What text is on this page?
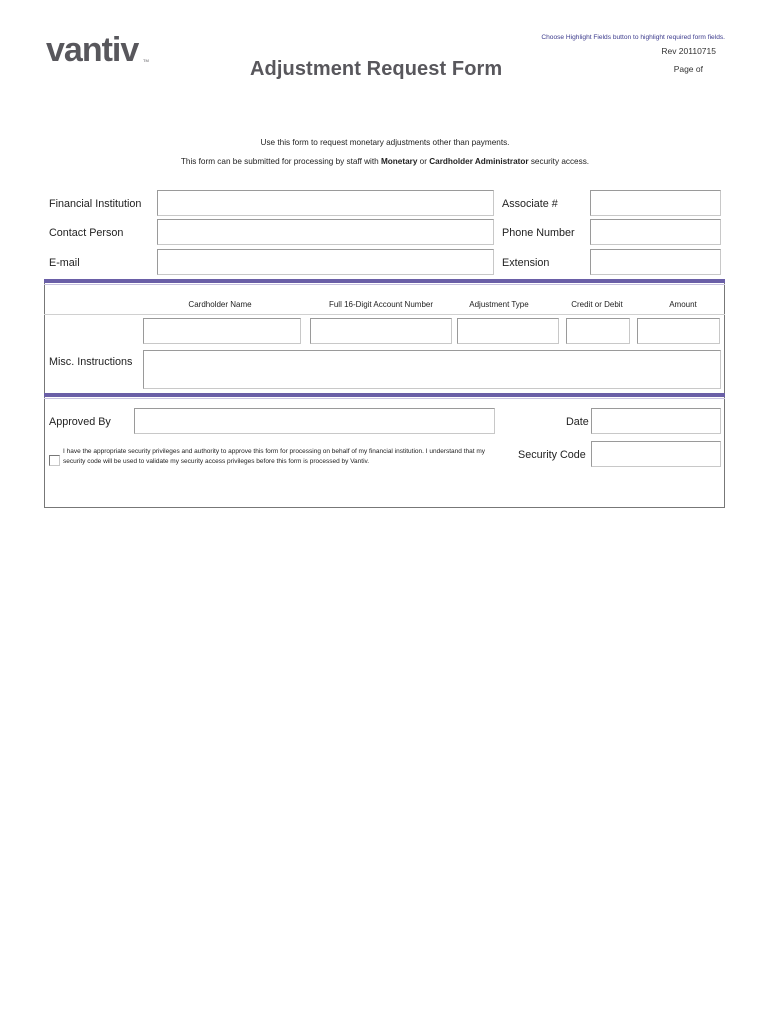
Choose Highlight Fields button to highlight required form fields.
vantiv	TM	Adjustment Request Form
Rev 20110715
Page of
Use this form to request monetary adjustments other than payments.
This form can be submitted for processing by staff with Monetary or Cardholder Administrator security access.
Financial Institution	Associate #
Contact Person	Phone Number
E-mail	Extension
Cardholder Name	Full 16-Digit Account Number	Adjustment Type	Credit or Debit	Amount
Misc. Instructions
Approved By	Date
I have the appropriate security privileges and authority to approve this form for processing on behalf of my financial institution. I understand that my security code will be used to validate my security access privileges before this form is processed by Vantiv.
Security Code
